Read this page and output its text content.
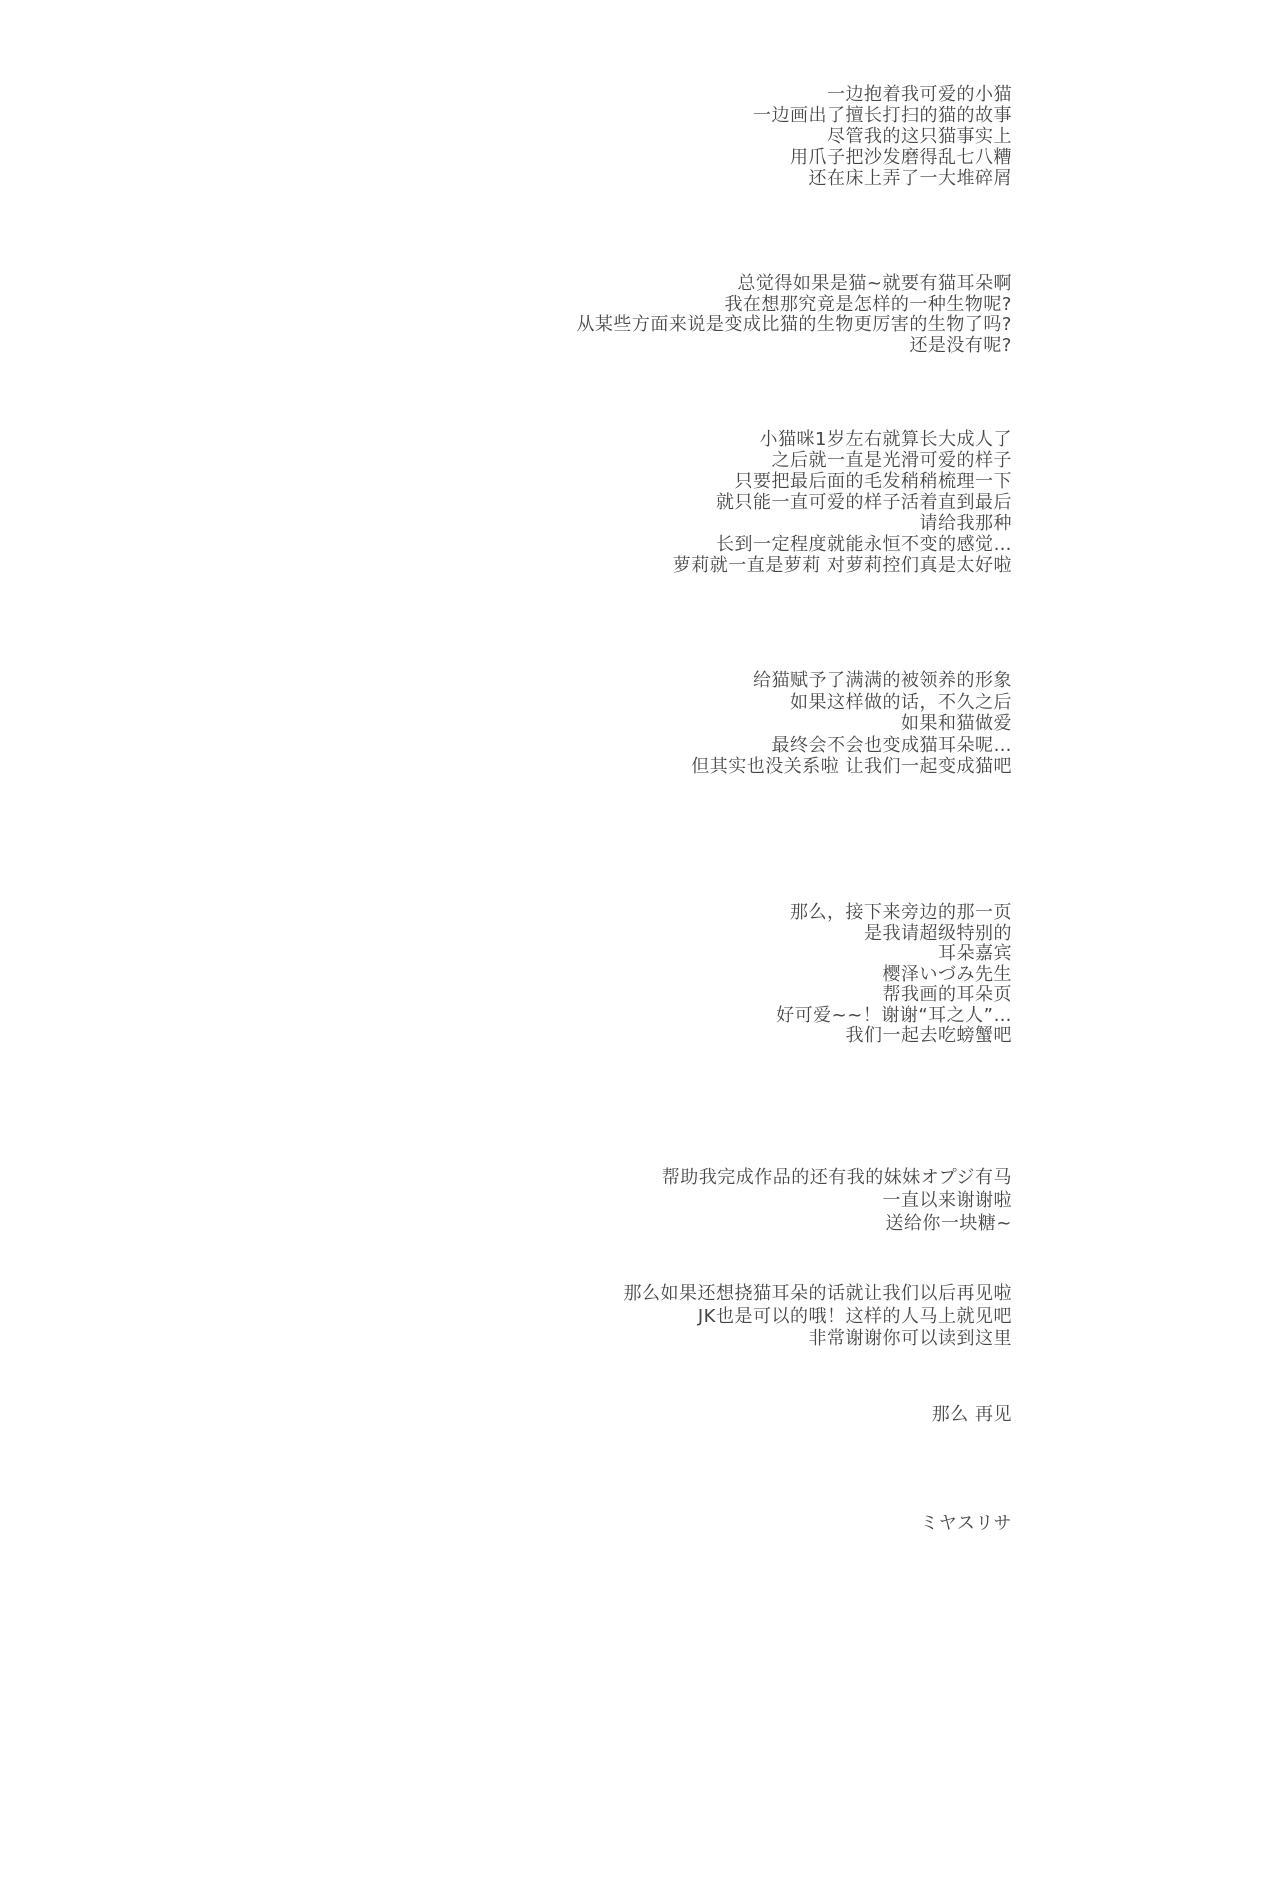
一边抱着我可爱的小猫
一边画出了擅长打扫的猫的故事
尽管我的这只猫事实上
用爪子把沙发磨得乱七八糟
还在床上弄了一大堆碎屑
总觉得如果是猫~就要有猫耳朵啊
我在想那究竟是怎样的一种生物呢?
从某些方面来说是变成比猫的生物更厉害的生物了吗?
还是没有呢?
小猫咪1岁左右就算长大成人了
之后就一直是光滑可爱的样子
只要把最后面的毛发稍稍梳理一下
就只能一直可爱的样子活着直到最后
请给我那种
长到一定程度就能永恒不变的感觉…
萝莉就一直是萝莉 对萝莉控们真是太好啦
给猫赋予了满满的被领养的形象
如果这样做的话，不久之后
如果和猫做爱
最终会不会也变成猫耳朵呢…
但其实也没关系啦 让我们一起变成猫吧
那么，接下来旁边的那一页
是我请超级特别的
耳朵嘉宾
樱泽いづみ先生
帮我画的耳朵页
好可爱~~！谢谢“耳之人”…
我们一起去吃螃蟹吧
帮助我完成作品的还有我的妹妹オプジ有马
一直以来谢谢啦
送给你一块糖~
那么如果还想挠猫耳朵的话就让我们以后再见啦
JK也是可以的哦！这样的人马上就见吧
非常谢谢你可以读到这里
那么 再见
ミヤスリサ
